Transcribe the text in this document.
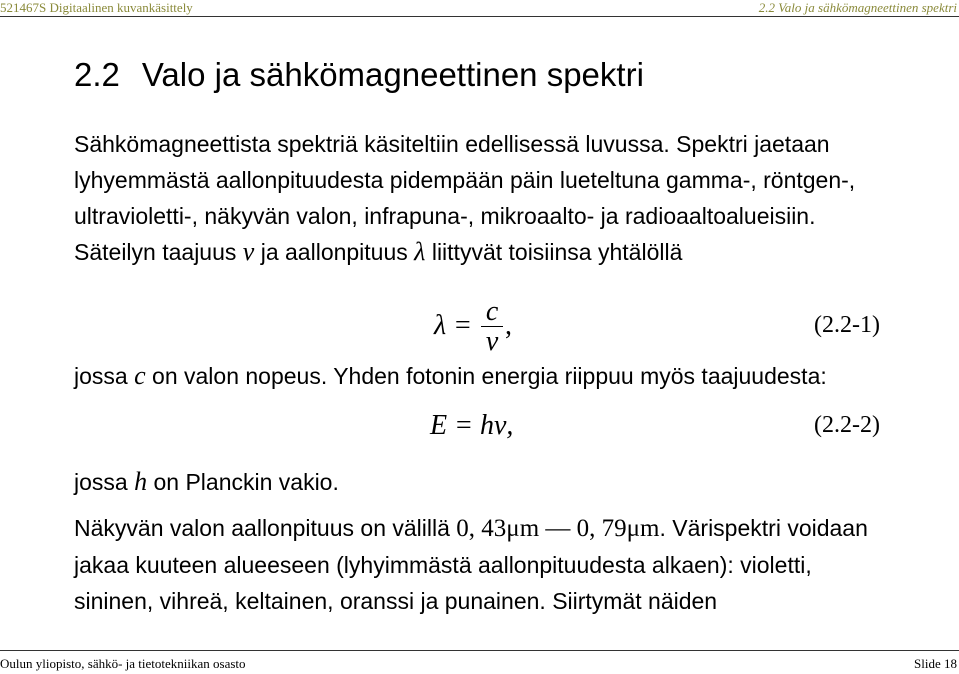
521467S Digitaalinen kuvankäsittely	2.2 Valo ja sähkömagneettinen spektri
2.2 Valo ja sähkömagneettinen spektri

Sähkömagneettista spektriä käsiteltiin edellisessä luvussa. Spektri jaetaan lyhyemmästä aallonpituudesta pidempään päin lueteltuna gamma-, röntgen-, ultravioletti-, näkyvän valon, infrapuna-, mikroaalto- ja radioaaltoalueisiin. Säteilyn taajuus ν ja aallonpituus λ liittyvät toisiinsa yhtälöllä

$\lambda = \frac{c}{\nu}$ ,	(2.2-1)

jossa c on valon nopeus. Yhden fotonin energia riippuu myös taajuudesta:

E = hν,	(2.2-2)

jossa h on Planckin vakio.

Näkyvän valon aallonpituus on välillä 0, 43μm — 0, 79μm. Värispektri voidaan jakaa kuuteen alueeseen (lyhyimmästä aallonpituudesta alkaen): violetti, sininen, vihreä, keltainen, oranssi ja punainen. Siirtymät näiden

Oulun yliopisto, sähkö- ja tietotekniikan osasto	Slide 18
